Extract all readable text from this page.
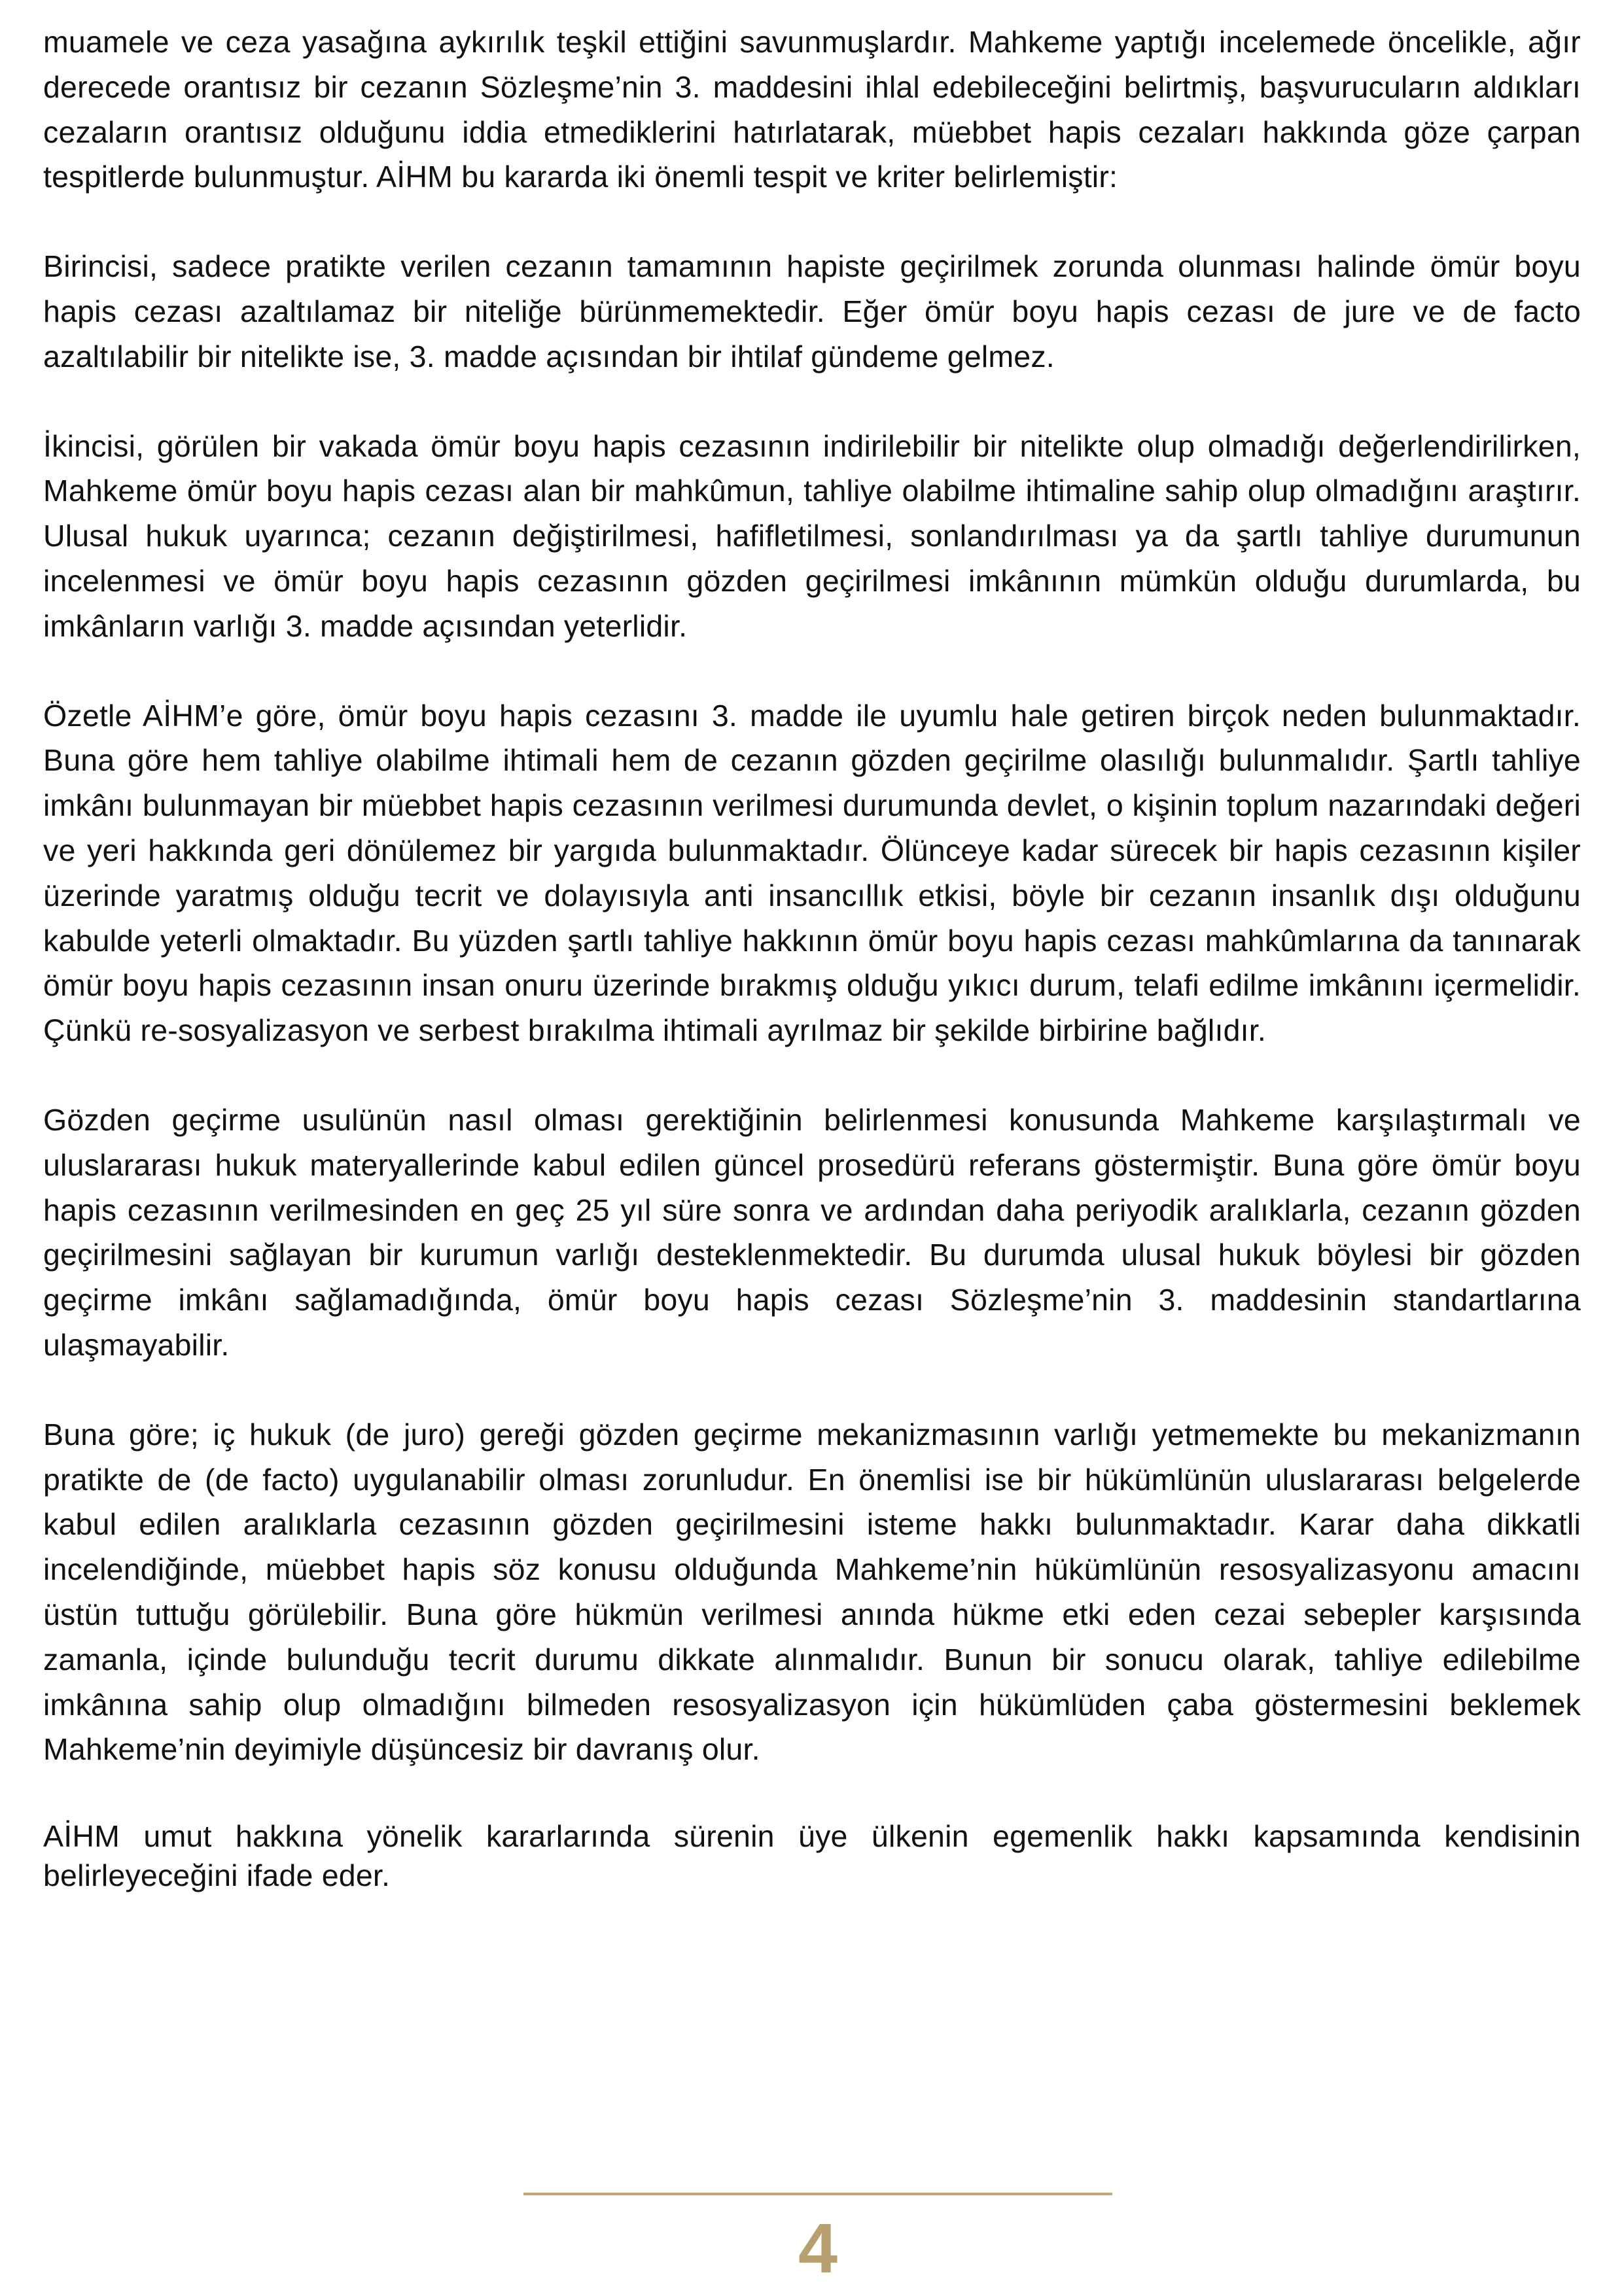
muamele ve ceza yasağına aykırılık teşkil ettiğini savunmuşlardır. Mahkeme yaptığı incelemede öncelikle, ağır derecede orantısız bir cezanın Sözleşme’nin 3. maddesini ihlal edebileceğini belirtmiş, başvurucuların aldıkları cezaların orantısız olduğunu iddia etmediklerini hatırlatarak, müebbet hapis cezaları hakkında göze çarpan tespitlerde bulunmuştur. AİHM bu kararda iki önemli tespit ve kriter belirlemiştir:

Birincisi, sadece pratikte verilen cezanın tamamının hapiste geçirilmek zorunda olunması halinde ömür boyu hapis cezası azaltılamaz bir niteliğe bürünmemektedir. Eğer ömür boyu hapis cezası de jure ve de facto azaltılabilir bir nitelikte ise, 3. madde açısından bir ihtilaf gündeme gelmez.

İkincisi, görülen bir vakada ömür boyu hapis cezasının indirilebilir bir nitelikte olup olmadığı değerlendirilirken, Mahkeme ömür boyu hapis cezası alan bir mahkûmun, tahliye olabilme ihtimaline sahip olup olmadığını araştırır. Ulusal hukuk uyarınca; cezanın değiştirilmesi, hafifletilmesi, sonlandırılması ya da şartlı tahliye durumunun incelenmesi ve ömür boyu hapis cezasının gözden geçirilmesi imkânının mümkün olduğu durumlarda, bu imkânların varlığı 3. madde açısından yeterlidir.

Özetle AİHM’e göre, ömür boyu hapis cezasını 3. madde ile uyumlu hale getiren birçok neden bulunmaktadır. Buna göre hem tahliye olabilme ihtimali hem de cezanın gözden geçirilme olasılığı bulunmalıdır. Şartlı tahliye imkânı bulunmayan bir müebbet hapis cezasının verilmesi durumunda devlet, o kişinin toplum nazarındaki değeri ve yeri hakkında geri dönülemez bir yargıda bulunmaktadır. Ölünceye kadar sürecek bir hapis cezasının kişiler üzerinde yaratmış olduğu tecrit ve dolayısıyla anti insancıllık etkisi, böyle bir cezanın insanlık dışı olduğunu kabulde yeterli olmaktadır. Bu yüzden şartlı tahliye hakkının ömür boyu hapis cezası mahkûmlarına da tanınarak ömür boyu hapis cezasının insan onuru üzerinde bırakmış olduğu yıkıcı durum, telafi edilme imkânını içermelidir. Çünkü re-sosyalizasyon ve serbest bırakılma ihtimali ayrılmaz bir şekilde birbirine bağlıdır.

Gözden geçirme usulünün nasıl olması gerektiğinin belirlenmesi konusunda Mahkeme karşılaştırmalı ve uluslararası hukuk materyallerinde kabul edilen güncel prosedürü referans göstermiştir. Buna göre ömür boyu hapis cezasının verilmesinden en geç 25 yıl süre sonra ve ardından daha periyodik aralıklarla, cezanın gözden geçirilmesini sağlayan bir kurumun varlığı desteklenmektedir. Bu durumda ulusal hukuk böylesi bir gözden geçirme imkânı sağlamadığında, ömür boyu hapis cezası Sözleşme’nin 3. maddesinin standartlarına ulaşmayabilir.

Buna göre; iç hukuk (de juro) gereği gözden geçirme mekanizmasının varlığı yetmemekte bu mekanizmanın pratikte de (de facto) uygulanabilir olması zorunludur. En önemlisi ise bir hükümlünün uluslararası belgelerde kabul edilen aralıklarla cezasının gözden geçirilmesini isteme hakkı bulunmaktadır. Karar daha dikkatli incelendiğinde, müebbet hapis söz konusu olduğunda Mahkeme’nin hükümlünün resosyalizasyonu amacını üstün tuttuğu görülebilir. Buna göre hükmün verilmesi anında hükme etki eden cezai sebepler karşısında zamanla, içinde bulunduğu tecrit durumu dikkate alınmalıdır. Bunun bir sonucu olarak, tahliye edilebilme imkânına sahip olup olmadığını bilmeden resosyalizasyon için hükümlüden çaba göstermesini beklemek Mahkeme’nin deyimiyle düşüncesiz bir davranış olur.

AİHM umut hakkına yönelik kararlarında sürenin üye ülkenin egemenlik hakkı kapsamında kendisinin belirleyeceğini ifade eder.

4
